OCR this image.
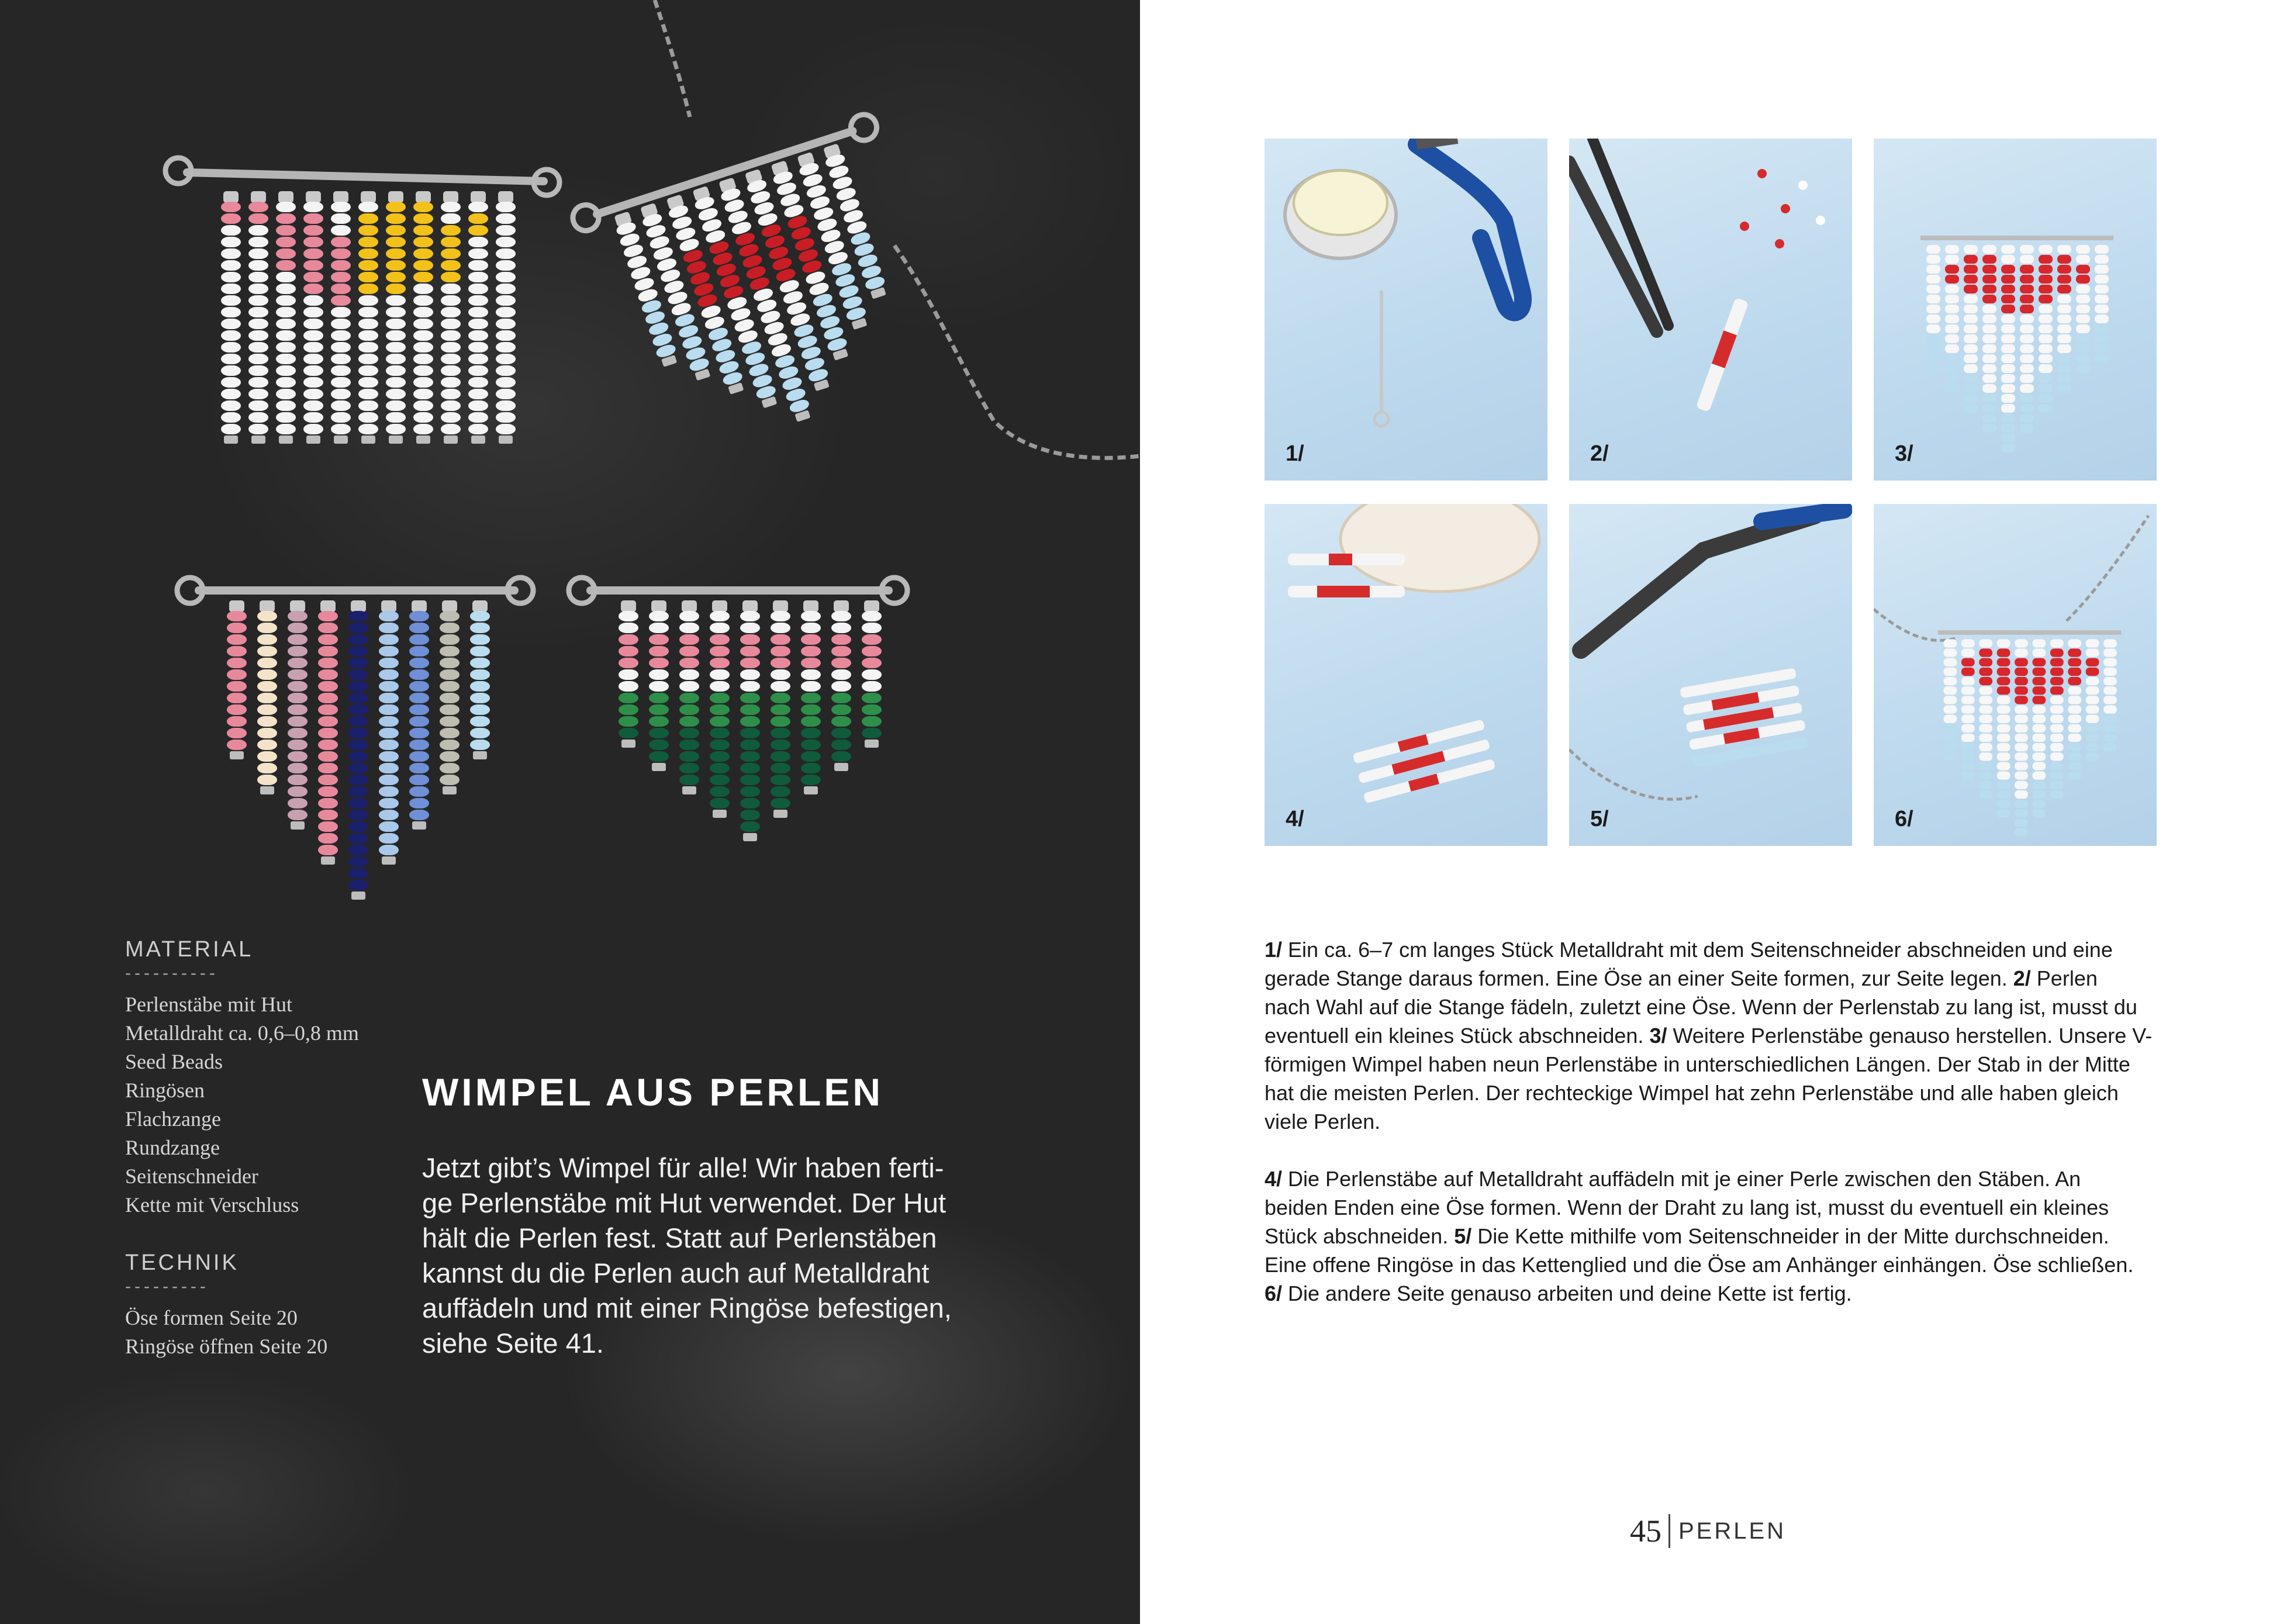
MATERIAL
----------
Perlenstäbe mit Hut
Metalldraht ca. 0,6–0,8 mm
Seed Beads
Ringösen
Flachzange
Rundzange
Seitenschneider
Kette mit Verschluss
TECHNIK
---------
Öse formen Seite 20
Ringöse öffnen Seite 20
WIMPEL AUS PERLEN
Jetzt gibt’s Wimpel für alle! Wir haben ferti-
ge Perlenstäbe mit Hut verwendet. Der Hut
hält die Perlen fest. Statt auf Perlenstäben
kannst du die Perlen auch auf Metalldraht
auffädeln und mit einer Ringöse befestigen,
siehe Seite 41.
1/	2/	3/
4/	5/	6/

1/ Ein ca. 6–7 cm langes Stück Metalldraht mit dem Seitenschneider abschneiden und eine
gerade Stange daraus formen. Eine Öse an einer Seite formen, zur Seite legen. 2/ Perlen
nach Wahl auf die Stange fädeln, zuletzt eine Öse. Wenn der Perlenstab zu lang ist, musst du
eventuell ein kleines Stück abschneiden. 3/ Weitere Perlenstäbe genauso herstellen. Unsere V-
förmigen Wimpel haben neun Perlenstäbe in unterschiedlichen Längen. Der Stab in der Mitte
hat die meisten Perlen. Der rechteckige Wimpel hat zehn Perlenstäbe und alle haben gleich
viele Perlen.

4/ Die Perlenstäbe auf Metalldraht auffädeln mit je einer Perle zwischen den Stäben. An
beiden Enden eine Öse formen. Wenn der Draht zu lang ist, musst du eventuell ein kleines
Stück abschneiden. 5/ Die Kette mithilfe vom Seitenschneider in der Mitte durchschneiden.
Eine offene Ringöse in das Kettenglied und die Öse am Anhänger einhängen. Öse schließen.
6/ Die andere Seite genauso arbeiten und deine Kette ist fertig.

45 PERLEN
